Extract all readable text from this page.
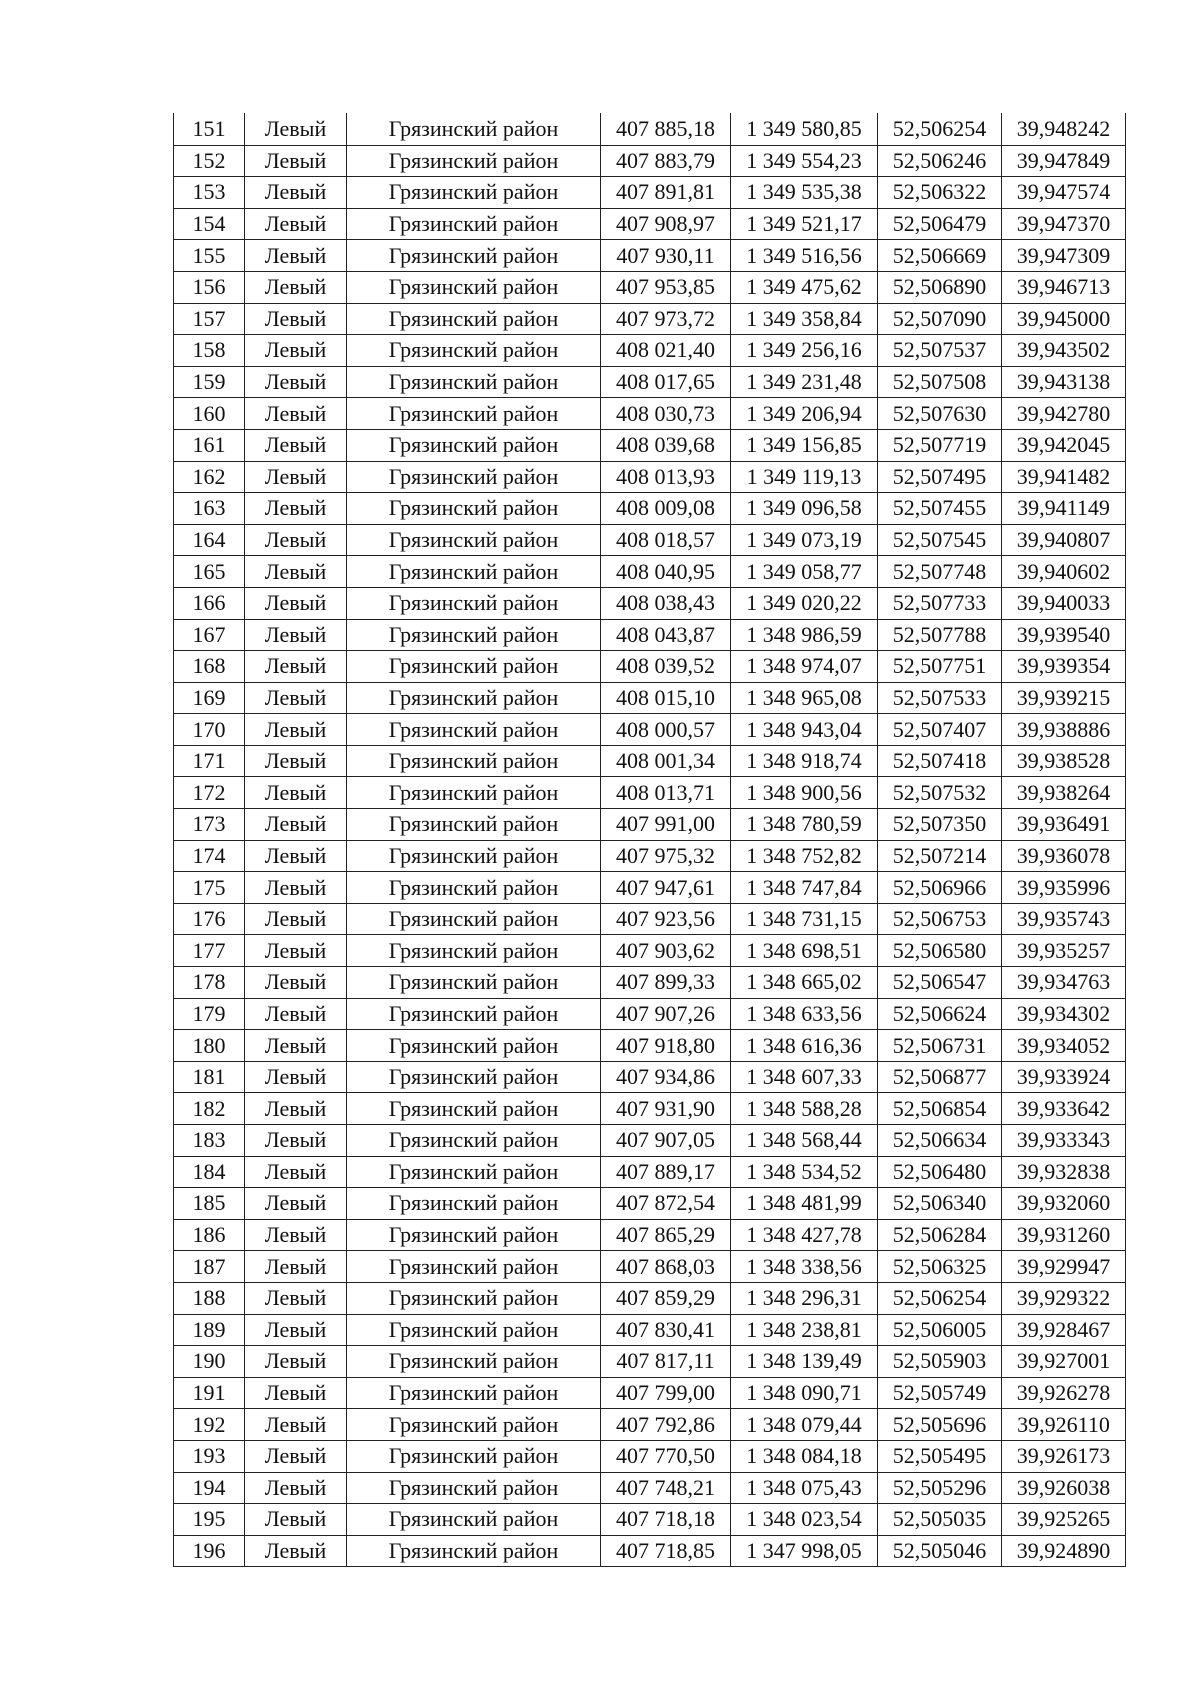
151	Левый	Грязинский район	407 885,18	1 349 580,85	52,506254	39,948242
152	Левый	Грязинский район	407 883,79	1 349 554,23	52,506246	39,947849
153	Левый	Грязинский район	407 891,81	1 349 535,38	52,506322	39,947574
154	Левый	Грязинский район	407 908,97	1 349 521,17	52,506479	39,947370
155	Левый	Грязинский район	407 930,11	1 349 516,56	52,506669	39,947309
156	Левый	Грязинский район	407 953,85	1 349 475,62	52,506890	39,946713
157	Левый	Грязинский район	407 973,72	1 349 358,84	52,507090	39,945000
158	Левый	Грязинский район	408 021,40	1 349 256,16	52,507537	39,943502
159	Левый	Грязинский район	408 017,65	1 349 231,48	52,507508	39,943138
160	Левый	Грязинский район	408 030,73	1 349 206,94	52,507630	39,942780
161	Левый	Грязинский район	408 039,68	1 349 156,85	52,507719	39,942045
162	Левый	Грязинский район	408 013,93	1 349 119,13	52,507495	39,941482
163	Левый	Грязинский район	408 009,08	1 349 096,58	52,507455	39,941149
164	Левый	Грязинский район	408 018,57	1 349 073,19	52,507545	39,940807
165	Левый	Грязинский район	408 040,95	1 349 058,77	52,507748	39,940602
166	Левый	Грязинский район	408 038,43	1 349 020,22	52,507733	39,940033
167	Левый	Грязинский район	408 043,87	1 348 986,59	52,507788	39,939540
168	Левый	Грязинский район	408 039,52	1 348 974,07	52,507751	39,939354
169	Левый	Грязинский район	408 015,10	1 348 965,08	52,507533	39,939215
170	Левый	Грязинский район	408 000,57	1 348 943,04	52,507407	39,938886
171	Левый	Грязинский район	408 001,34	1 348 918,74	52,507418	39,938528
172	Левый	Грязинский район	408 013,71	1 348 900,56	52,507532	39,938264
173	Левый	Грязинский район	407 991,00	1 348 780,59	52,507350	39,936491
174	Левый	Грязинский район	407 975,32	1 348 752,82	52,507214	39,936078
175	Левый	Грязинский район	407 947,61	1 348 747,84	52,506966	39,935996
176	Левый	Грязинский район	407 923,56	1 348 731,15	52,506753	39,935743
177	Левый	Грязинский район	407 903,62	1 348 698,51	52,506580	39,935257
178	Левый	Грязинский район	407 899,33	1 348 665,02	52,506547	39,934763
179	Левый	Грязинский район	407 907,26	1 348 633,56	52,506624	39,934302
180	Левый	Грязинский район	407 918,80	1 348 616,36	52,506731	39,934052
181	Левый	Грязинский район	407 934,86	1 348 607,33	52,506877	39,933924
182	Левый	Грязинский район	407 931,90	1 348 588,28	52,506854	39,933642
183	Левый	Грязинский район	407 907,05	1 348 568,44	52,506634	39,933343
184	Левый	Грязинский район	407 889,17	1 348 534,52	52,506480	39,932838
185	Левый	Грязинский район	407 872,54	1 348 481,99	52,506340	39,932060
186	Левый	Грязинский район	407 865,29	1 348 427,78	52,506284	39,931260
187	Левый	Грязинский район	407 868,03	1 348 338,56	52,506325	39,929947
188	Левый	Грязинский район	407 859,29	1 348 296,31	52,506254	39,929322
189	Левый	Грязинский район	407 830,41	1 348 238,81	52,506005	39,928467
190	Левый	Грязинский район	407 817,11	1 348 139,49	52,505903	39,927001
191	Левый	Грязинский район	407 799,00	1 348 090,71	52,505749	39,926278
192	Левый	Грязинский район	407 792,86	1 348 079,44	52,505696	39,926110
193	Левый	Грязинский район	407 770,50	1 348 084,18	52,505495	39,926173
194	Левый	Грязинский район	407 748,21	1 348 075,43	52,505296	39,926038
195	Левый	Грязинский район	407 718,18	1 348 023,54	52,505035	39,925265
196	Левый	Грязинский район	407 718,85	1 347 998,05	52,505046	39,924890
